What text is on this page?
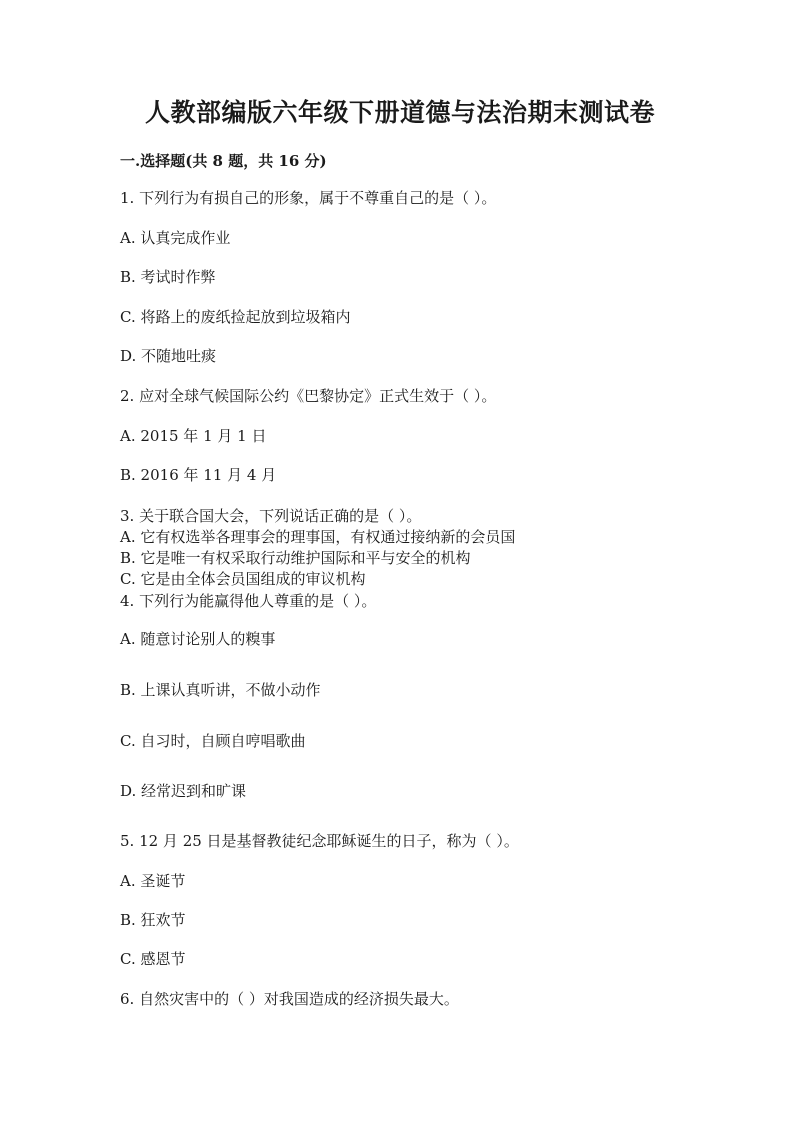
人教部编版六年级下册道德与法治期末测试卷
一.选择题(共 8 题，共 16 分)
1. 下列行为有损自己的形象，属于不尊重自己的是（ ）。
A. 认真完成作业
B. 考试时作弊
C. 将路上的废纸捡起放到垃圾箱内
D. 不随地吐痰
2. 应对全球气候国际公约《巴黎协定》正式生效于（ ）。
A. 2015 年 1 月 1 日
B. 2016 年 11 月 4 月
3. 关于联合国大会，下列说话正确的是（ ）。
A. 它有权选举各理事会的理事国，有权通过接纳新的会员国
B. 它是唯一有权采取行动维护国际和平与安全的机构
C. 它是由全体会员国组成的审议机构
4. 下列行为能赢得他人尊重的是（ ）。
A. 随意讨论别人的糗事
B. 上课认真听讲，不做小动作
C. 自习时，自顾自哼唱歌曲
D. 经常迟到和旷课
5. 12 月 25 日是基督教徒纪念耶稣诞生的日子，称为（ ）。
A. 圣诞节
B. 狂欢节
C. 感恩节
6. 自然灾害中的（ ）对我国造成的经济损失最大。
